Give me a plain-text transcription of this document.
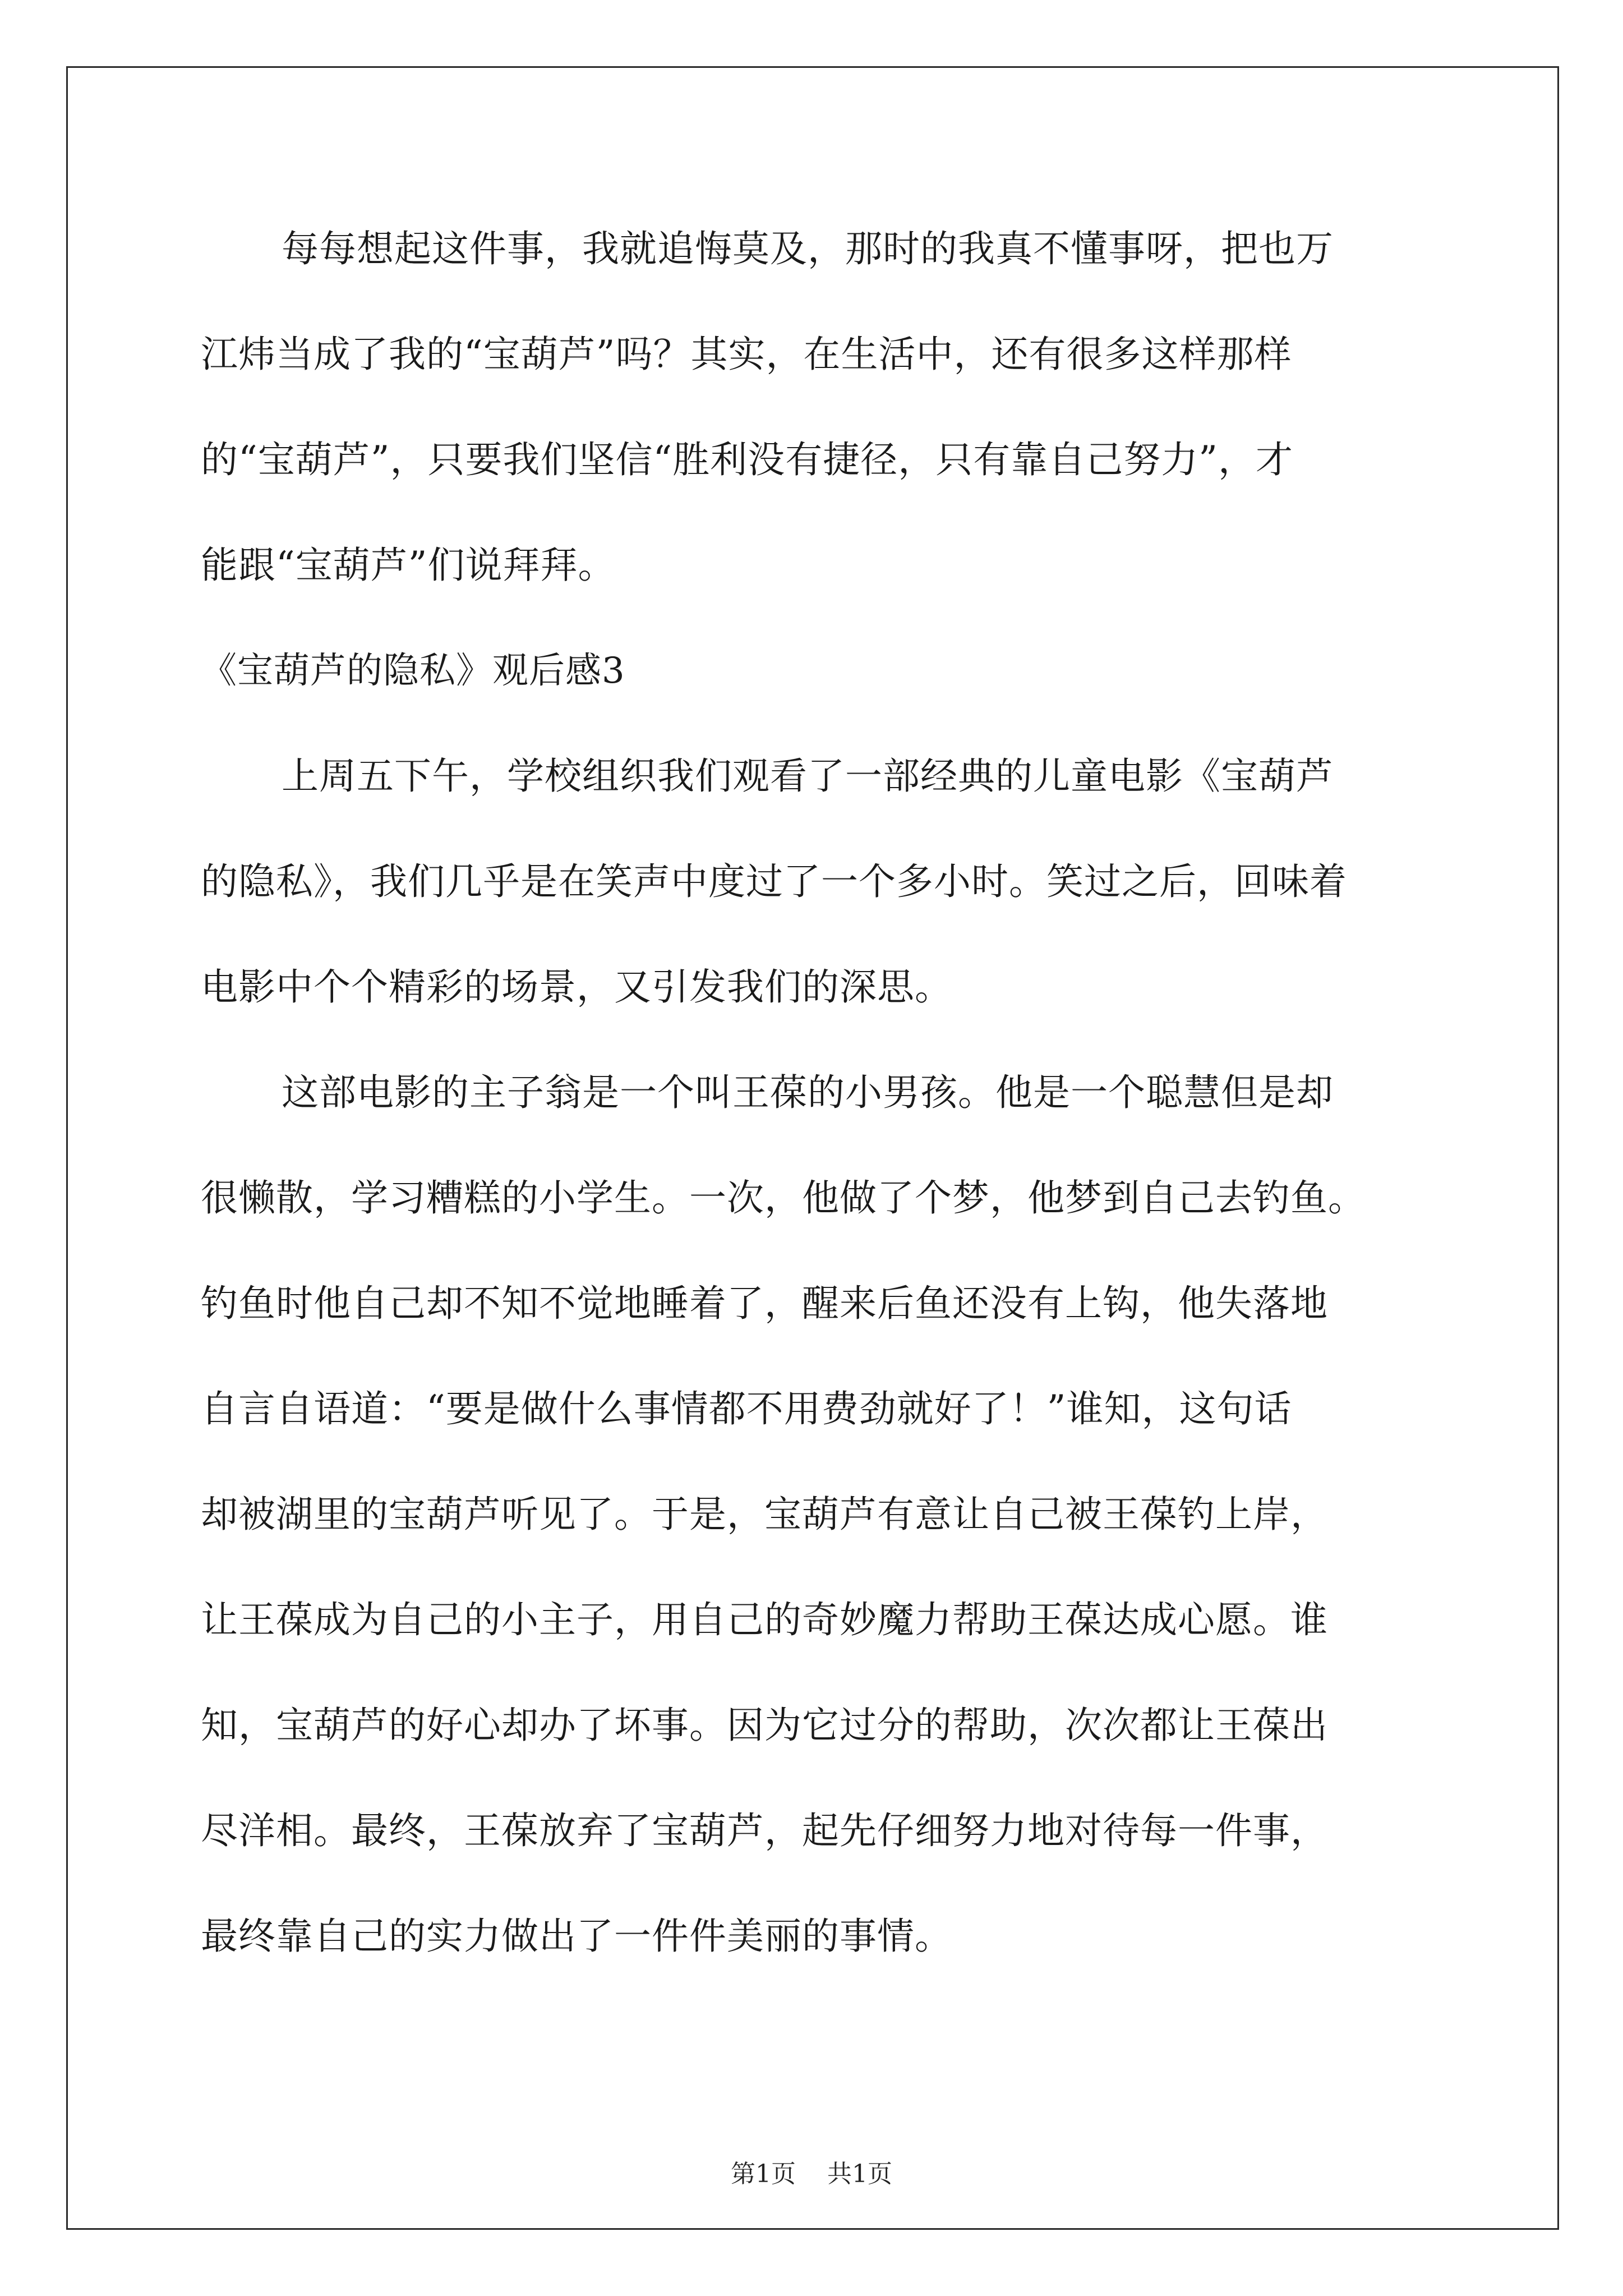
每每想起这件事，我就追悔莫及，那时的我真不懂事呀，把也万
江炜当成了我的“宝葫芦”吗？其实，在生活中，还有很多这样那样
的“宝葫芦”，只要我们坚信“胜利没有捷径，只有靠自己努力”，才
能跟“宝葫芦”们说拜拜。
《宝葫芦的隐私》观后感3
上周五下午，学校组织我们观看了一部经典的儿童电影《宝葫芦
的隐私》，我们几乎是在笑声中度过了一个多小时。笑过之后，回味着
电影中个个精彩的场景，又引发我们的深思。
这部电影的主子翁是一个叫王葆的小男孩。他是一个聪慧但是却
很懒散，学习糟糕的小学生。一次，他做了个梦，他梦到自己去钓鱼。
钓鱼时他自己却不知不觉地睡着了，醒来后鱼还没有上钩，他失落地
自言自语道：“要是做什么事情都不用费劲就好了！”谁知，这句话
却被湖里的宝葫芦听见了。于是，宝葫芦有意让自己被王葆钓上岸，
让王葆成为自己的小主子，用自己的奇妙魔力帮助王葆达成心愿。谁
知，宝葫芦的好心却办了坏事。因为它过分的帮助，次次都让王葆出
尽洋相。最终，王葆放弃了宝葫芦，起先仔细努力地对待每一件事，
最终靠自己的实力做出了一件件美丽的事情。
第1页 共1页
